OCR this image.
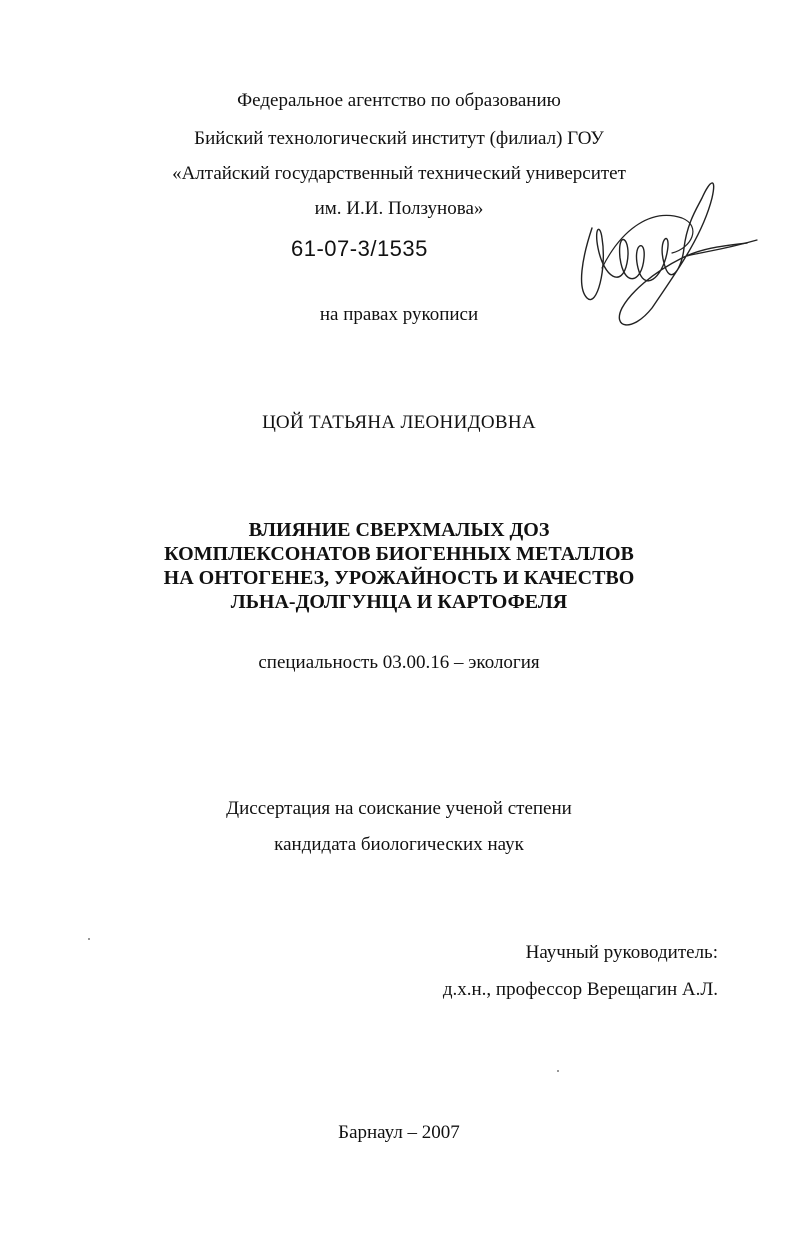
Федеральное агентство по образованию
Бийский технологический институт (филиал) ГОУ
«Алтайский государственный технический университет
им. И.И. Ползунова»
61-07-3/1535
на правах рукописи
ЦОЙ ТАТЬЯНА ЛЕОНИДОВНА
ВЛИЯНИЕ СВЕРХМАЛЫХ ДОЗ
КОМПЛЕКСОНАТОВ БИОГЕННЫХ МЕТАЛЛОВ
НА ОНТОГЕНЕЗ, УРОЖАЙНОСТЬ И КАЧЕСТВО
ЛЬНА-ДОЛГУНЦА И КАРТОФЕЛЯ
специальность 03.00.16 – экология
Диссертация на соискание ученой степени
кандидата биологических наук
Научный руководитель:
д.х.н., профессор Верещагин А.Л.
Барнаул – 2007
